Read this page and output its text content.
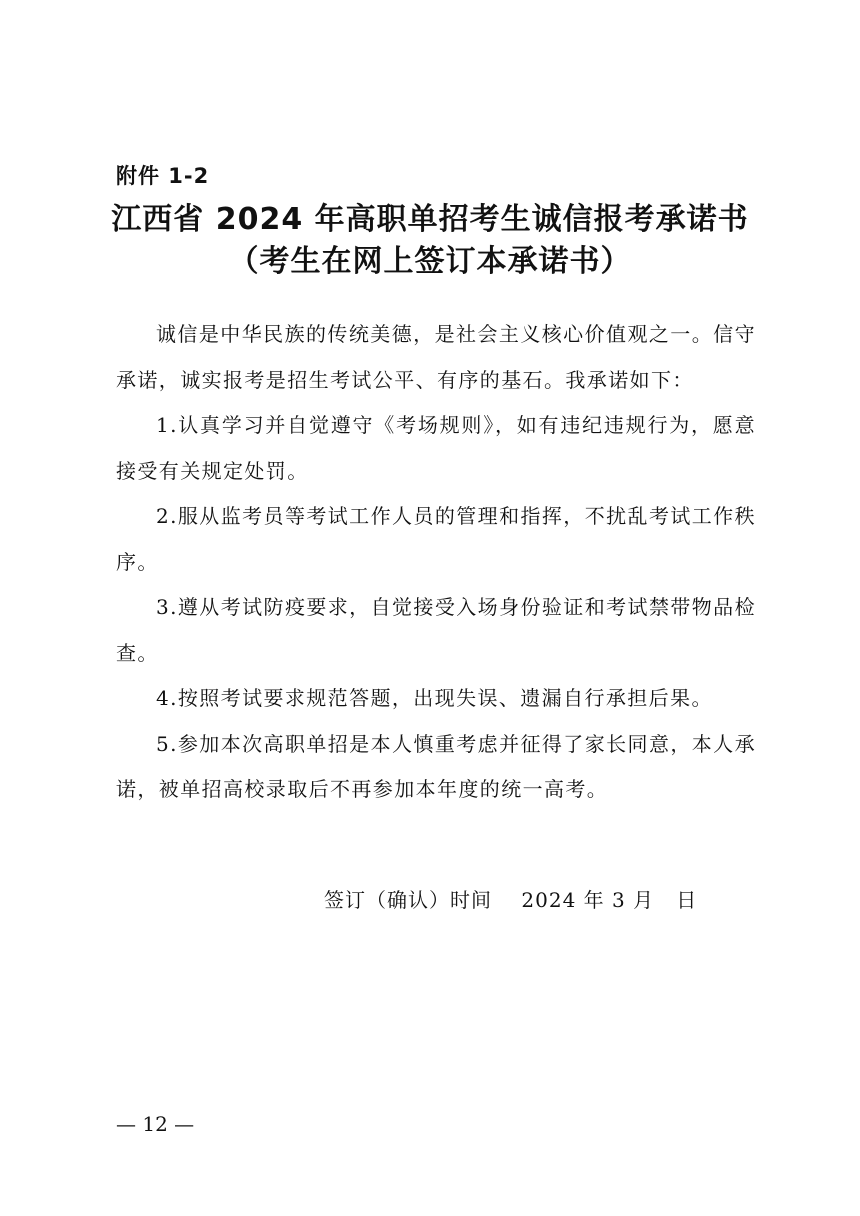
附件 1-2
江西省 2024 年高职单招考生诚信报考承诺书
（考生在网上签订本承诺书）

诚信是中华民族的传统美德，是社会主义核心价值观之一。信守承诺，诚实报考是招生考试公平、有序的基石。我承诺如下：

1.认真学习并自觉遵守《考场规则》，如有违纪违规行为，愿意接受有关规定处罚。

2.服从监考员等考试工作人员的管理和指挥，不扰乱考试工作秩序。

3.遵从考试防疫要求，自觉接受入场身份验证和考试禁带物品检查。

4.按照考试要求规范答题，出现失误、遗漏自行承担后果。

5.参加本次高职单招是本人慎重考虑并征得了家长同意，本人承诺，被单招高校录取后不再参加本年度的统一高考。

签订（确认）时间    2024 年 3 月   日
— 12 —
